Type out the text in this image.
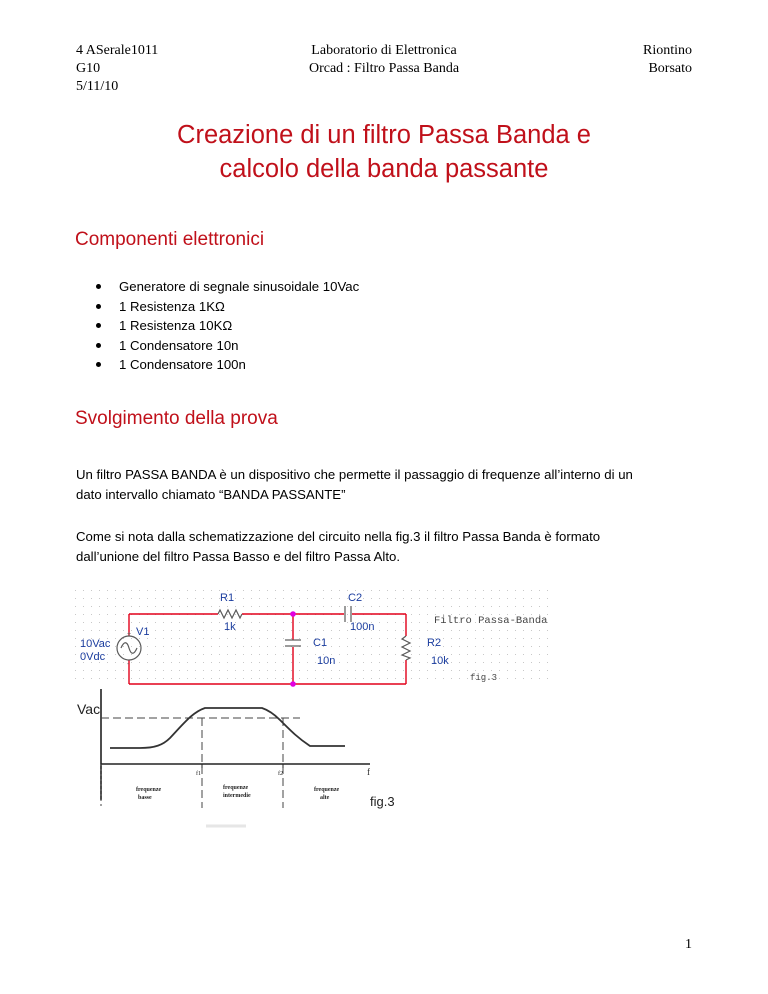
4 ASerale1011
G10
5/11/10
Laboratorio di Elettronica
Orcad : Filtro Passa Banda
Riontino
Borsato
Creazione di un filtro Passa Banda e
calcolo della banda passante
Componenti elettronici
Generatore di segnale sinusoidale 10Vac
1 Resistenza 1KΩ
1 Resistenza 10KΩ
1 Condensatore 10n
1 Condensatore 100n
Svolgimento della prova
Un filtro PASSA BANDA è un dispositivo che permette il passaggio di frequenze all’interno di un
dato intervallo chiamato “BANDA PASSANTE”
Come si nota dalla schematizzazione del circuito nella fig.3 il filtro Passa Banda è formato
dall’unione del filtro Passa Basso e del filtro Passa Alto.
+
-
R1
1k
C2
100n
C1
10n
R2
10k
V1
10Vac
0Vdc
Filtro Passa-Banda
fig.3
Vac
f
f1	f2
frequenze
basse
frequenze
intermedie
frequenze
alte	fig.3
1
